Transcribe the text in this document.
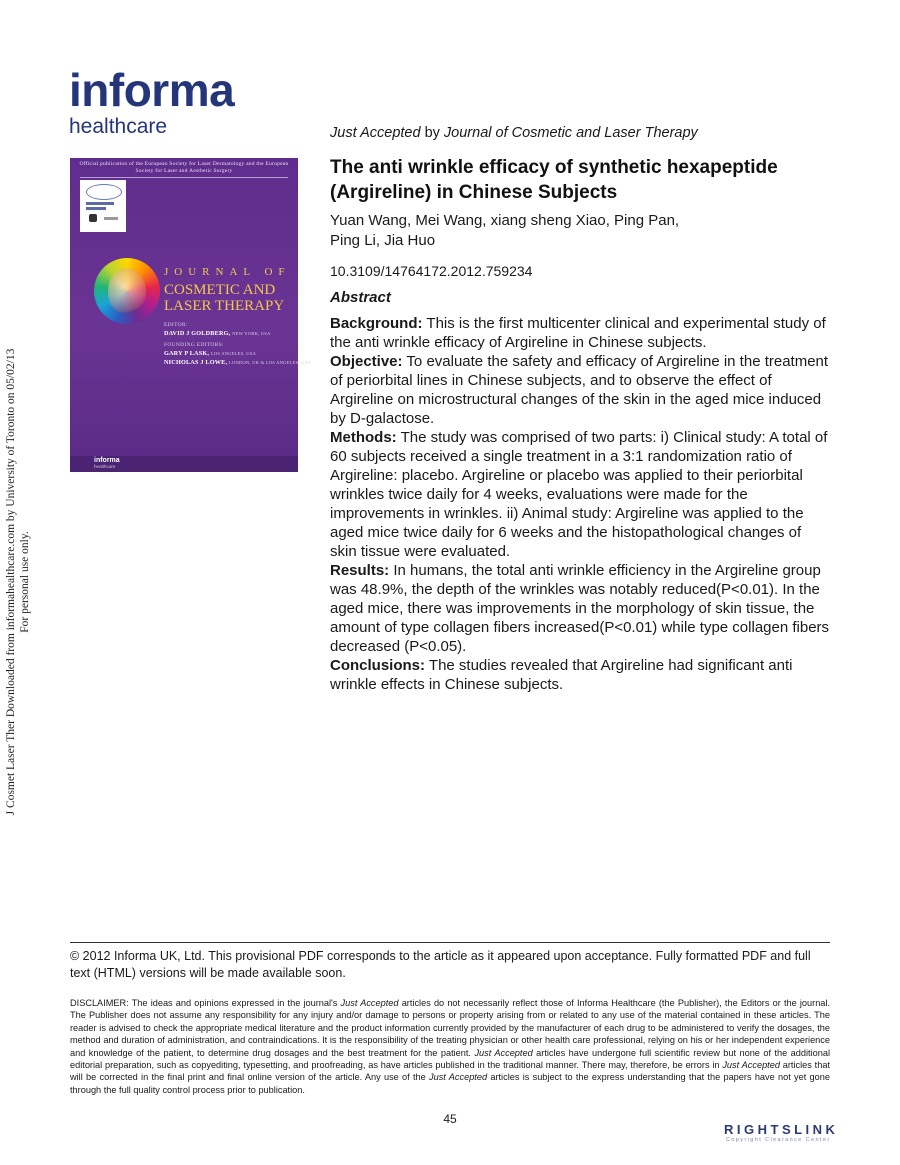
J Cosmet Laser Ther Downloaded from informahealthcare.com by University of Toronto on 05/02/13 For personal use only.
informa
healthcare
Official publication of the European Society for Laser Dermatology and the European Society for Laser and Aesthetic Surgery
JOURNAL OF
COSMETIC AND
LASER THERAPY
EDITOR:
DAVID J GOLDBERG, NEW YORK, USA
FOUNDING EDITORS:
GARY P LASK, LOS ANGELES, USA
NICHOLAS J LOWE, LONDON, UK & LOS ANGELES, USA
informa
healthcare
Just Accepted by Journal of Cosmetic and Laser Therapy
The anti wrinkle efficacy of synthetic hexapeptide (Argireline) in Chinese Subjects
Yuan Wang, Mei Wang, xiang sheng Xiao, Ping Pan,
Ping Li, Jia Huo
10.3109/14764172.2012.759234
Abstract

Background: This is the first multicenter clinical and experimental study of the anti wrinkle efficacy of Argireline in Chinese subjects.

Objective: To evaluate the safety and efficacy of Argireline in the treatment of periorbital lines in Chinese subjects, and to observe the effect of Argireline on microstructural changes of the skin in the aged mice induced by D-galactose.

Methods: The study was comprised of two parts: i) Clinical study: A total of 60 subjects received a single treatment in a 3:1 randomization ratio of Argireline: placebo. Argireline or placebo was applied to their periorbital wrinkles twice daily for 4 weeks, evaluations were made for the improvements in wrinkles. ii) Animal study: Argireline was applied to the aged mice twice daily for 6 weeks and the histopathological changes of skin tissue were evaluated.

Results: In humans, the total anti wrinkle efficiency in the Argireline group was 48.9%, the depth of the wrinkles was notably reduced(P<0.01). In the aged mice, there was improvements in the morphology of skin tissue, the amount of type collagen fibers increased(P<0.01) while type collagen fibers decreased (P<0.05).

Conclusions: The studies revealed that Argireline had significant anti wrinkle effects in Chinese subjects.

© 2012 Informa UK, Ltd. This provisional PDF corresponds to the article as it appeared upon acceptance. Fully formatted PDF and full text (HTML) versions will be made available soon.
DISCLAIMER: The ideas and opinions expressed in the journal's Just Accepted articles do not necessarily reflect those of Informa Healthcare (the Publisher), the Editors or the journal. The Publisher does not assume any responsibility for any injury and/or damage to persons or property arising from or related to any use of the material contained in these articles. The reader is advised to check the appropriate medical literature and the product information currently provided by the manufacturer of each drug to be administered to verify the dosages, the method and duration of administration, and contraindications. It is the responsibility of the treating physician or other health care professional, relying on his or her independent experience and knowledge of the patient, to determine drug dosages and the best treatment for the patient. Just Accepted articles have undergone full scientific review but none of the additional editorial preparation, such as copyediting, typesetting, and proofreading, as have articles published in the traditional manner. There may, therefore, be errors in Just Accepted articles that will be corrected in the final print and final online version of the article. Any use of the Just Accepted articles is subject to the express understanding that the papers have not yet gone through the full quality control process prior to publication.
45
RIGHTSLINK
Copyright Clearance Center
